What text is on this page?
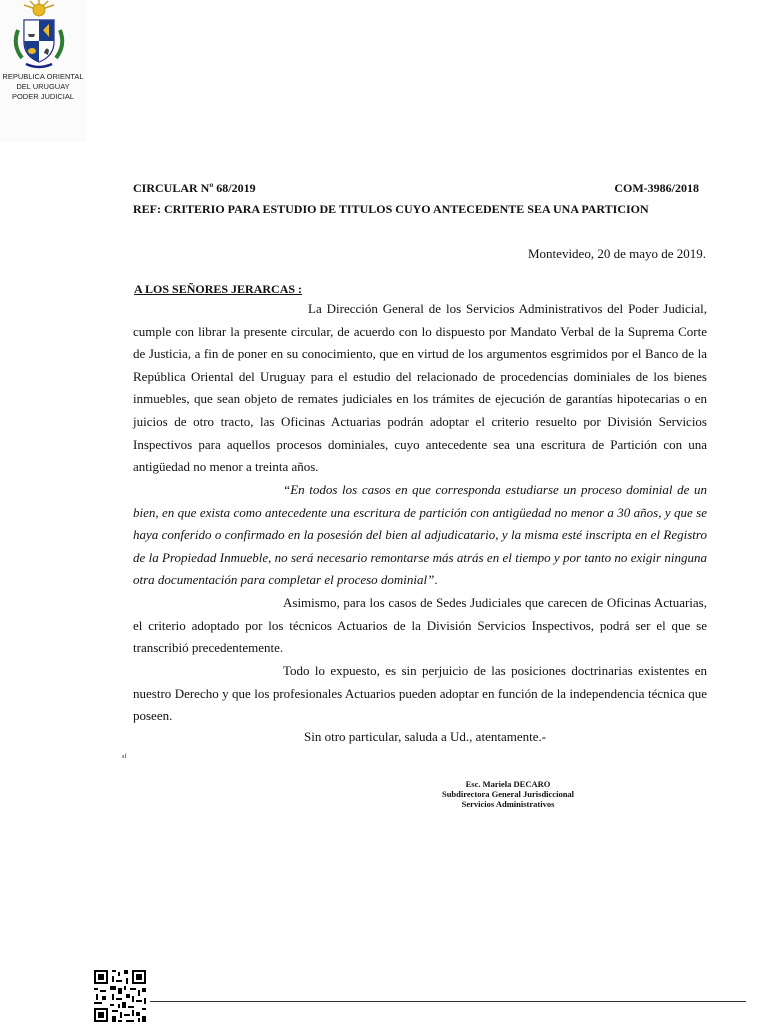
REPUBLICA ORIENTAL
DEL URUGUAY
PODER JUDICIAL
CIRCULAR Nº 68/2019	COM-3986/2018
REF: CRITERIO PARA ESTUDIO DE TITULOS CUYO ANTECEDENTE SEA UNA PARTICION
Montevideo, 20 de mayo de 2019.
A LOS SEÑORES JERARCAS :
La Dirección General de los Servicios Administrativos del Poder Judicial, cumple con librar la presente circular, de acuerdo con lo dispuesto por Mandato Verbal de la Suprema Corte de Justicia, a fin de poner en su conocimiento, que en virtud de los argumentos esgrimidos por el Banco de la República Oriental del Uruguay para el estudio del relacionado de procedencias dominiales de los bienes inmuebles, que sean objeto de remates judiciales en los trámites de ejecución de garantías hipotecarias o en juicios de otro tracto, las Oficinas Actuarias podrán adoptar el criterio resuelto por División Servicios Inspectivos para aquellos procesos dominiales, cuyo antecedente sea una escritura de Partición con una antigüedad no menor a treinta años.
“En todos los casos en que corresponda estudiarse un proceso dominial de un bien, en que exista como antecedente una escritura de partición con antigüedad no menor a 30 años, y que se haya conferido o confirmado en la posesión del bien al adjudicatario, y la misma esté inscripta en el Registro de la Propiedad Inmueble, no será necesario remontarse más atrás en el tiempo y por tanto no exigir ninguna otra documentación para completar el proceso dominial”.
Asimismo, para los casos de Sedes Judiciales que carecen de Oficinas Actuarias, el criterio adoptado por los técnicos Actuarios de la División Servicios Inspectivos, podrá ser el que se transcribió precedentemente.
Todo lo expuesto, es sin perjuicio de las posiciones doctrinarias existentes en nuestro Derecho y que los profesionales Actuarios pueden adoptar en función de la independencia técnica que poseen.
Sin otro particular, saluda a Ud., atentamente.-
sf
Esc. Mariela DECARO
Subdirectora General Jurisdiccional
Servicios Administrativos
